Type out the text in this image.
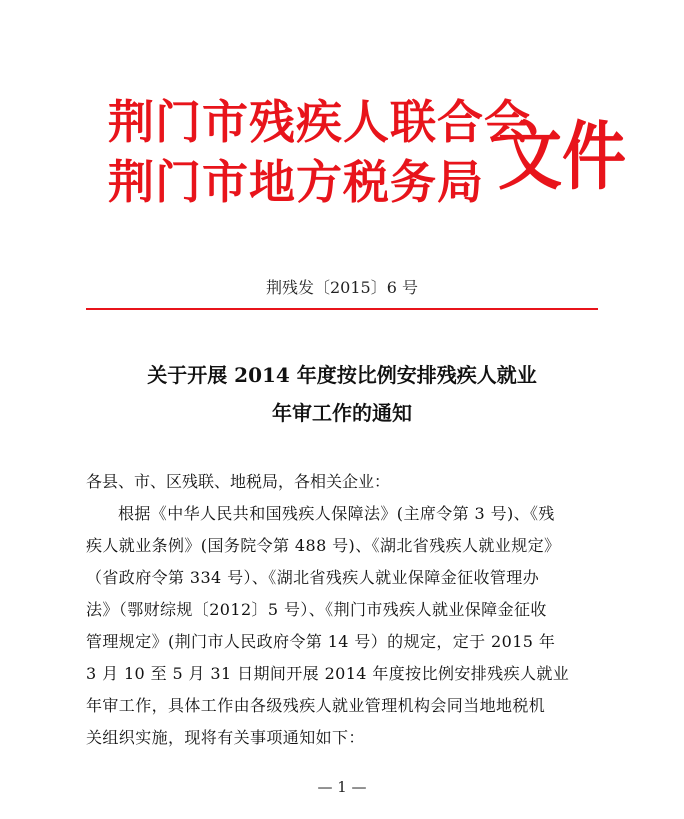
荆门市残疾人联合会
荆门市地方税务局 文件
荆残发〔2015〕6 号
关于开展 2014 年度按比例安排残疾人就业
年审工作的通知
各县、市、区残联、地税局，各相关企业：
根据《中华人民共和国残疾人保障法》(主席令第 3 号)、《残
疾人就业条例》(国务院令第 488 号)、《湖北省残疾人就业规定》
（省政府令第 334 号）、《湖北省残疾人就业保障金征收管理办
法》（鄂财综规〔2012〕5 号）、《荆门市残疾人就业保障金征收
管理规定》(荆门市人民政府令第 14 号）的规定，定于 2015 年
3 月 10 至 5 月 31 日期间开展 2014 年度按比例安排残疾人就业
年审工作，具体工作由各级残疾人就业管理机构会同当地地税机
关组织实施，现将有关事项通知如下：
— 1 —
